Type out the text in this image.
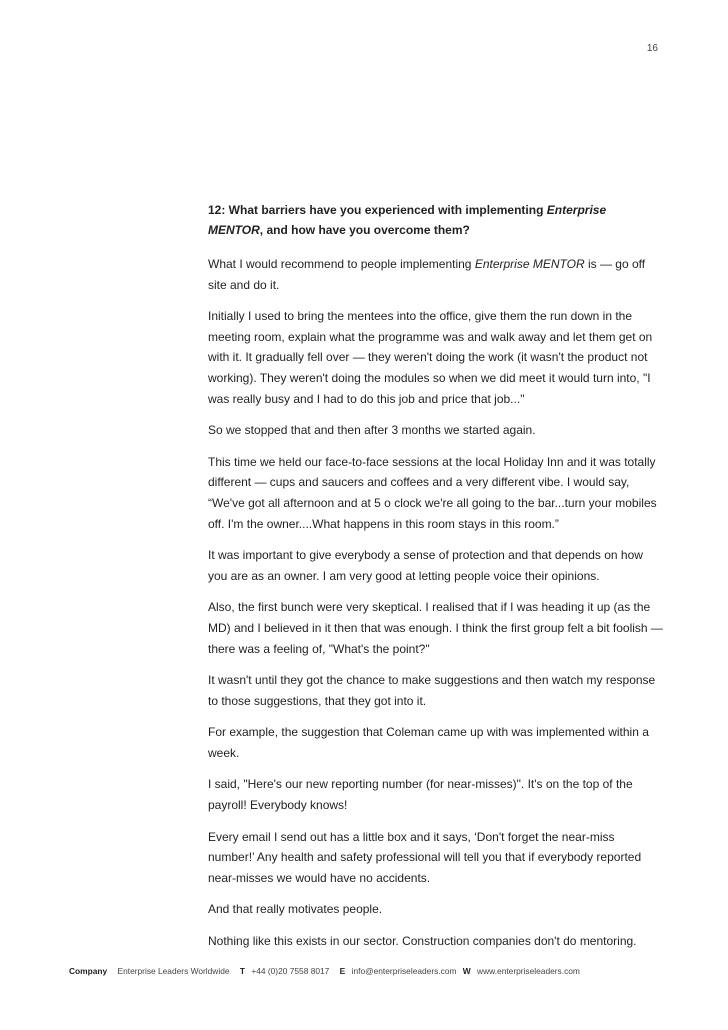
16

12: What barriers have you experienced with implementing Enterprise MENTOR, and how have you overcome them?

What I would recommend to people implementing Enterprise MENTOR is — go off site and do it.

Initially I used to bring the mentees into the office, give them the run down in the meeting room, explain what the programme was and walk away and let them get on with it. It gradually fell over — they weren't doing the work (it wasn't the product not working). They weren't doing the modules so when we did meet it would turn into, "I was really busy and I had to do this job and price that job..."

So we stopped that and then after 3 months we started again.

This time we held our face-to-face sessions at the local Holiday Inn and it was totally different — cups and saucers and coffees and a very different vibe. I would say, “We've got all afternoon and at 5 o clock we're all going to the bar...turn your mobiles off. I'm the owner....What happens in this room stays in this room.”

It was important to give everybody a sense of protection and that depends on how you are as an owner. I am very good at letting people voice their opinions.

Also, the first bunch were very skeptical. I realised that if I was heading it up (as the MD) and I believed in it then that was enough. I think the first group felt a bit foolish — there was a feeling of, "What's the point?"

It wasn't until they got the chance to make suggestions and then watch my response to those suggestions, that they got into it.

For example, the suggestion that Coleman came up with was implemented within a week.

I said, "Here's our new reporting number (for near-misses)". It's on the top of the payroll! Everybody knows!

Every email I send out has a little box and it says, ‘Don't forget the near-miss number!’ Any health and safety professional will tell you that if everybody reported near-misses we would have no accidents.

And that really motivates people.

Nothing like this exists in our sector. Construction companies don't do mentoring.

Company Enterprise Leaders Worldwide T +44 (0)20 7558 8017 E info@enterpriseleaders.com W www.enterpriseleaders.com
